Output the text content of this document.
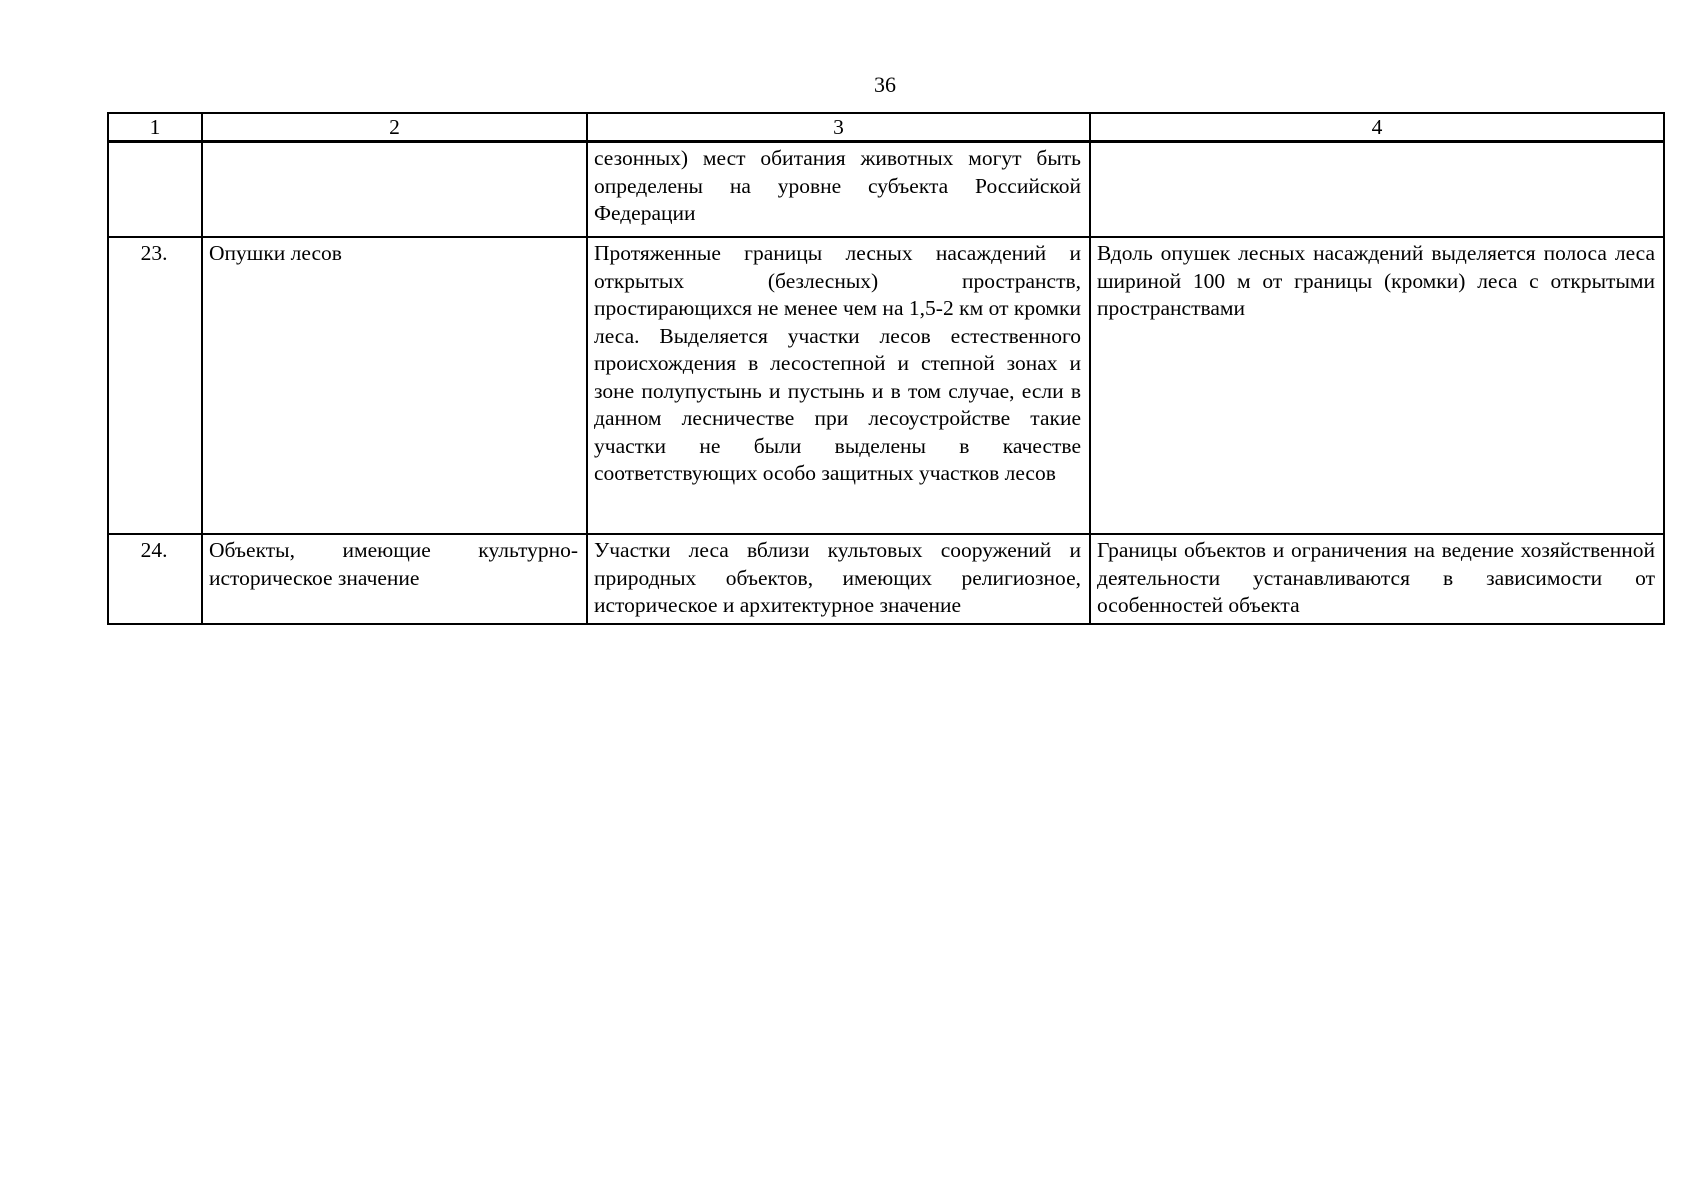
36
1	2	3	4
		сезонных) мест обитания животных могут быть определены на уровне субъекта Российской Федерации	
23.	Опушки лесов	Протяженные границы лесных насаждений и открытых (безлесных) пространств, простирающихся не менее чем на 1,5-2 км от кромки леса. Выделяется участки лесов естественного происхождения в лесостепной и степной зонах и зоне полупустынь и пустынь и в том случае, если в данном лесничестве при лесоустройстве такие участки не были выделены в качестве соответствующих особо защитных участков лесов	Вдоль опушек лесных насаждений выделяется полоса леса шириной 100 м от границы (кромки) леса с открытыми пространствами
24.	Объекты, имеющие культурно-историческое значение	Участки леса вблизи культовых сооружений и природных объектов, имеющих религиозное, историческое и архитектурное значение	Границы объектов и ограничения на ведение хозяйственной деятельности устанавливаются в зависимости от особенностей объекта
